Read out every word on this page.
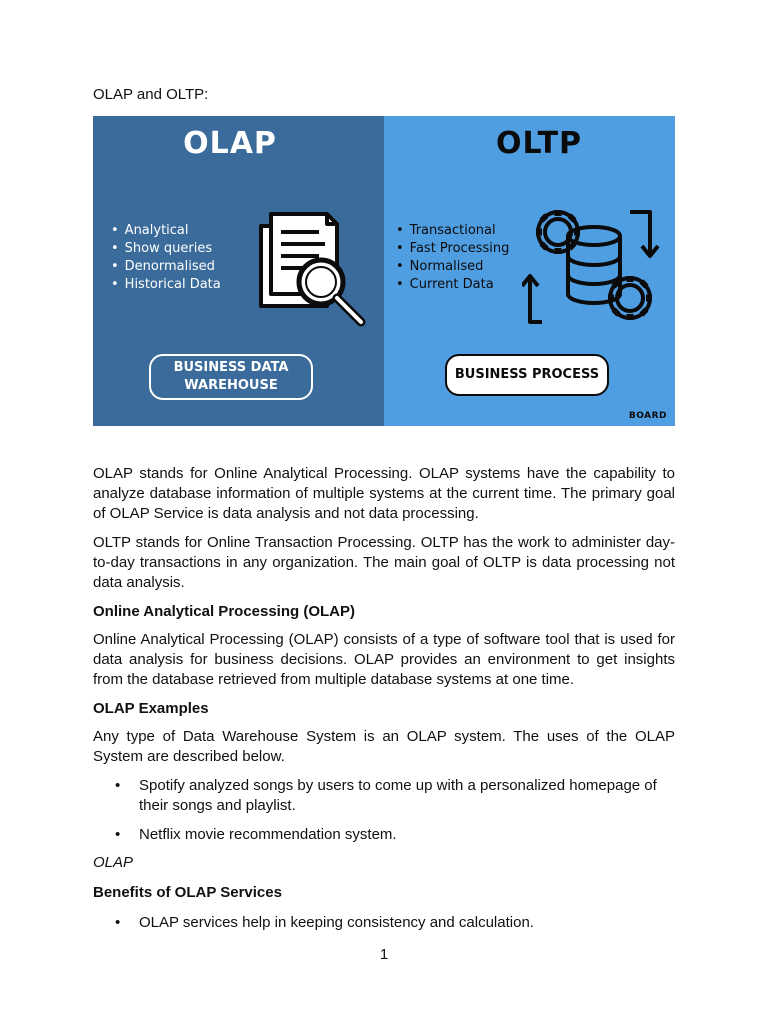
OLAP and OLTP:
OLAP
• Analytical
• Show queries
• Denormalised
• Historical Data
BUSINESS DATA WAREHOUSE
OLTP
• Transactional
• Fast Processing
• Normalised
• Current Data
BUSINESS PROCESS
BOARD

OLAP stands for Online Analytical Processing. OLAP systems have the capability to analyze database information of multiple systems at the current time. The primary goal of OLAP Service is data analysis and not data processing.

OLTP stands for Online Transaction Processing. OLTP has the work to administer day-to-day transactions in any organization. The main goal of OLTP is data processing not data analysis.

Online Analytical Processing (OLAP)

Online Analytical Processing (OLAP) consists of a type of software tool that is used for data analysis for business decisions. OLAP provides an environment to get insights from the database retrieved from multiple database systems at one time.

OLAP Examples

Any type of Data Warehouse System is an OLAP system. The uses of the OLAP System are described below.

• Spotify analyzed songs by users to come up with a personalized homepage of their songs and playlist.
• Netflix movie recommendation system.

OLAP

Benefits of OLAP Services

• OLAP services help in keeping consistency and calculation.
1
